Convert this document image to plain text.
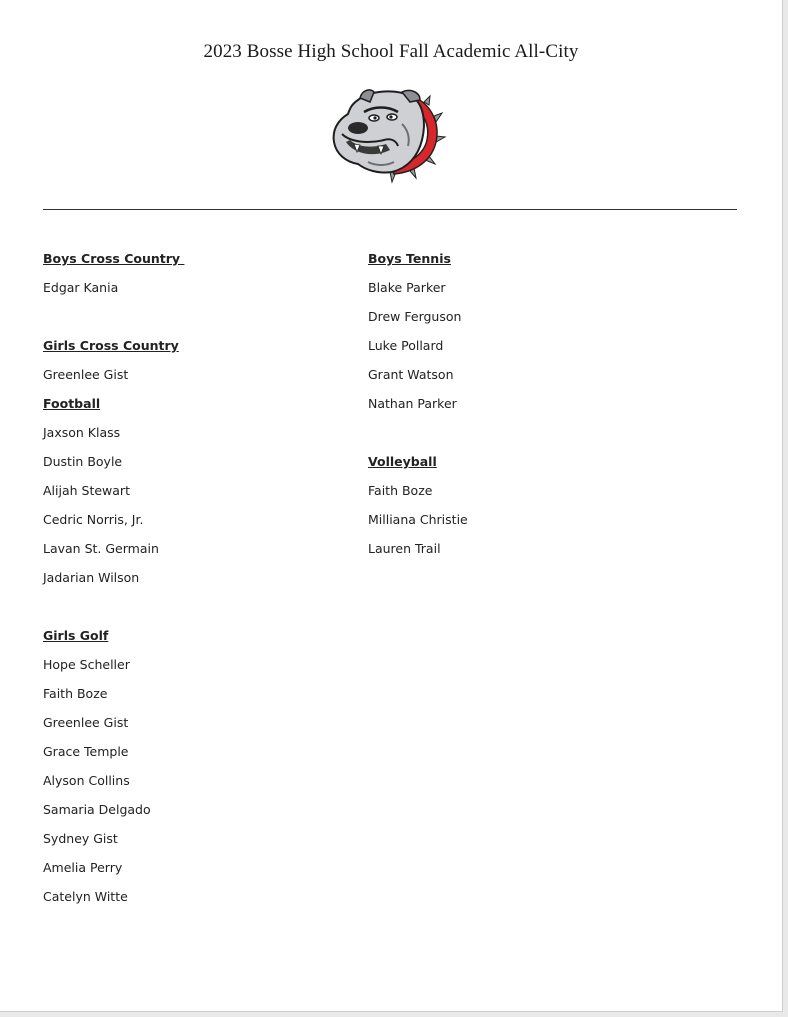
2023 Bosse High School Fall Academic All-City
Boys Cross Country
Edgar Kania
Girls Cross Country
Greenlee Gist
Football
Jaxson Klass
Dustin Boyle
Alijah Stewart
Cedric Norris, Jr.
Lavan St. Germain
Jadarian Wilson
Girls Golf
Hope Scheller
Faith Boze
Greenlee Gist
Grace Temple
Alyson Collins
Samaria Delgado
Sydney Gist
Amelia Perry
Catelyn Witte
Boys Tennis
Blake Parker
Drew Ferguson
Luke Pollard
Grant Watson
Nathan Parker
Volleyball
Faith Boze
Milliana Christie
Lauren Trail
